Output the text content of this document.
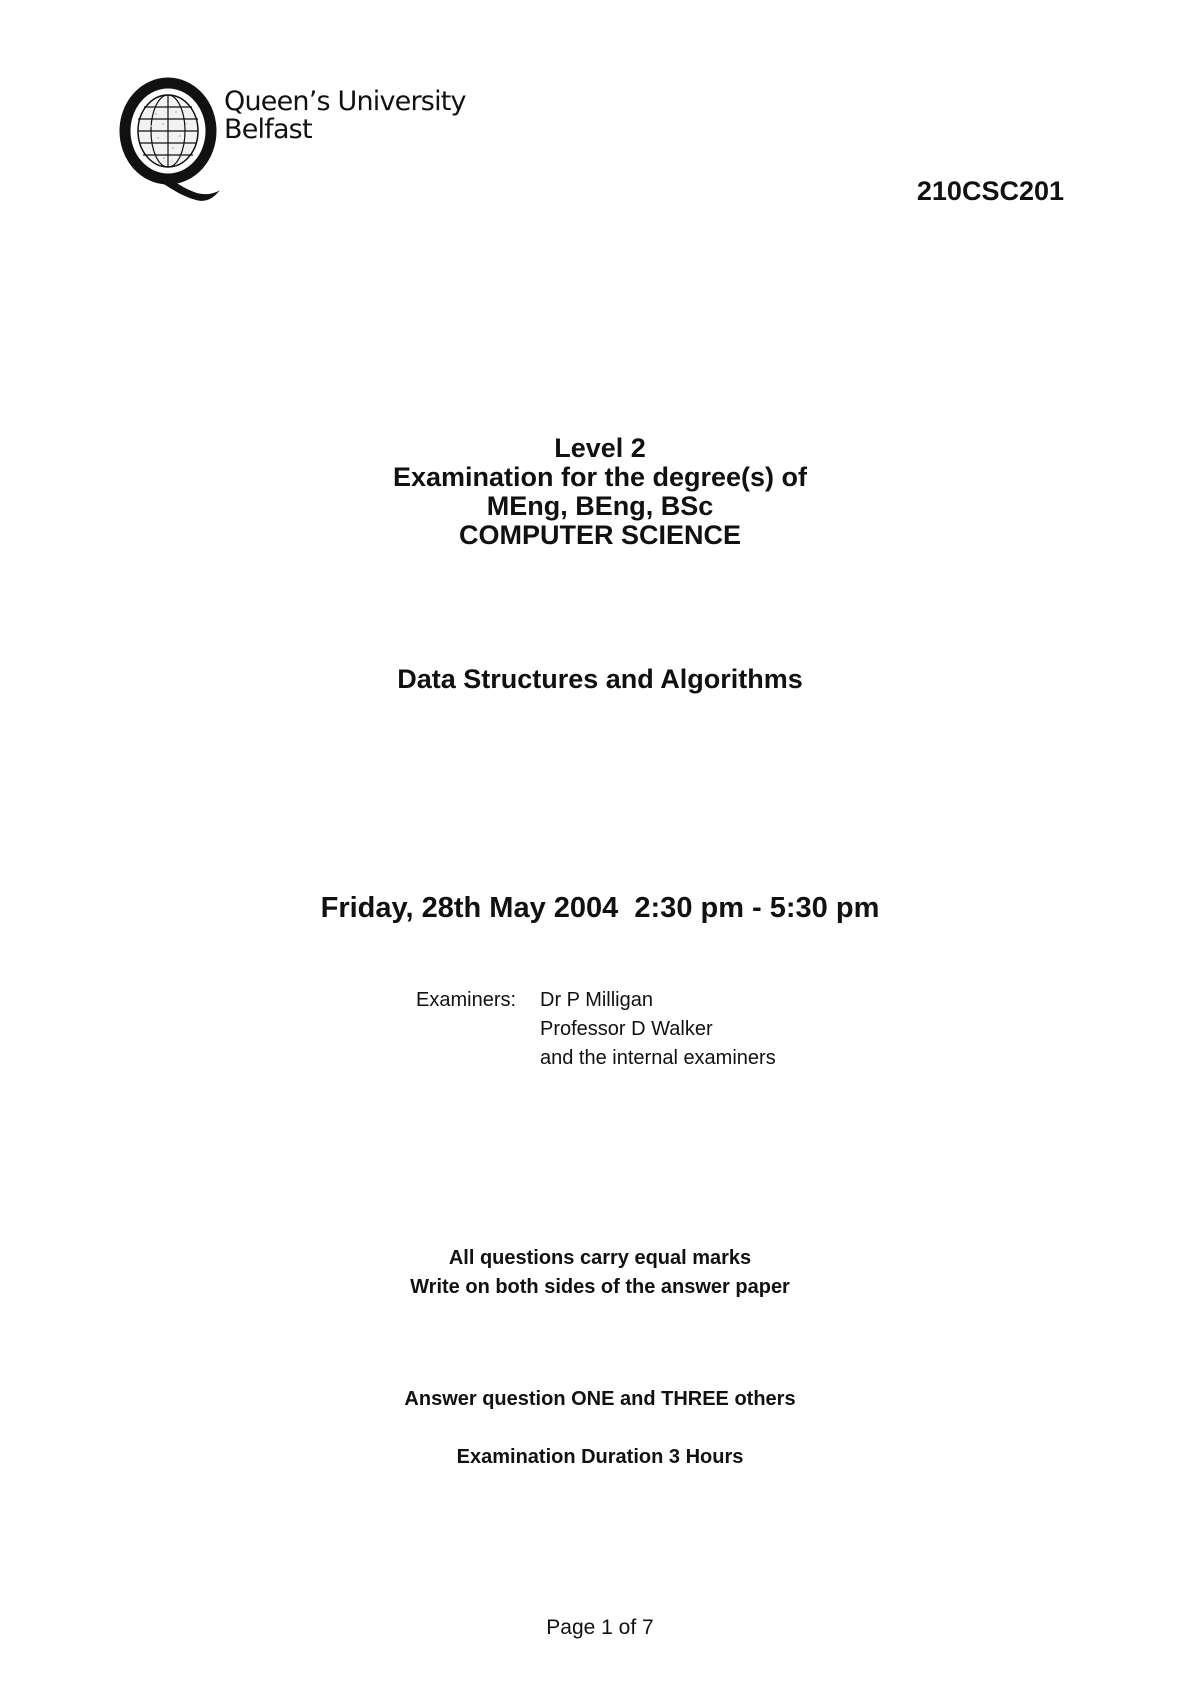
Queen’s University
Belfast
210CSC201
Level 2
Examination for the degree(s) of
MEng, BEng, BSc
COMPUTER SCIENCE
Data Structures and Algorithms
Friday, 28th May 2004  2:30 pm - 5:30 pm
Examiners: Dr P Milligan
Professor D Walker
and the internal examiners
All questions carry equal marks
Write on both sides of the answer paper
Answer question ONE and THREE others
Examination Duration 3 Hours
Page 1 of 7
